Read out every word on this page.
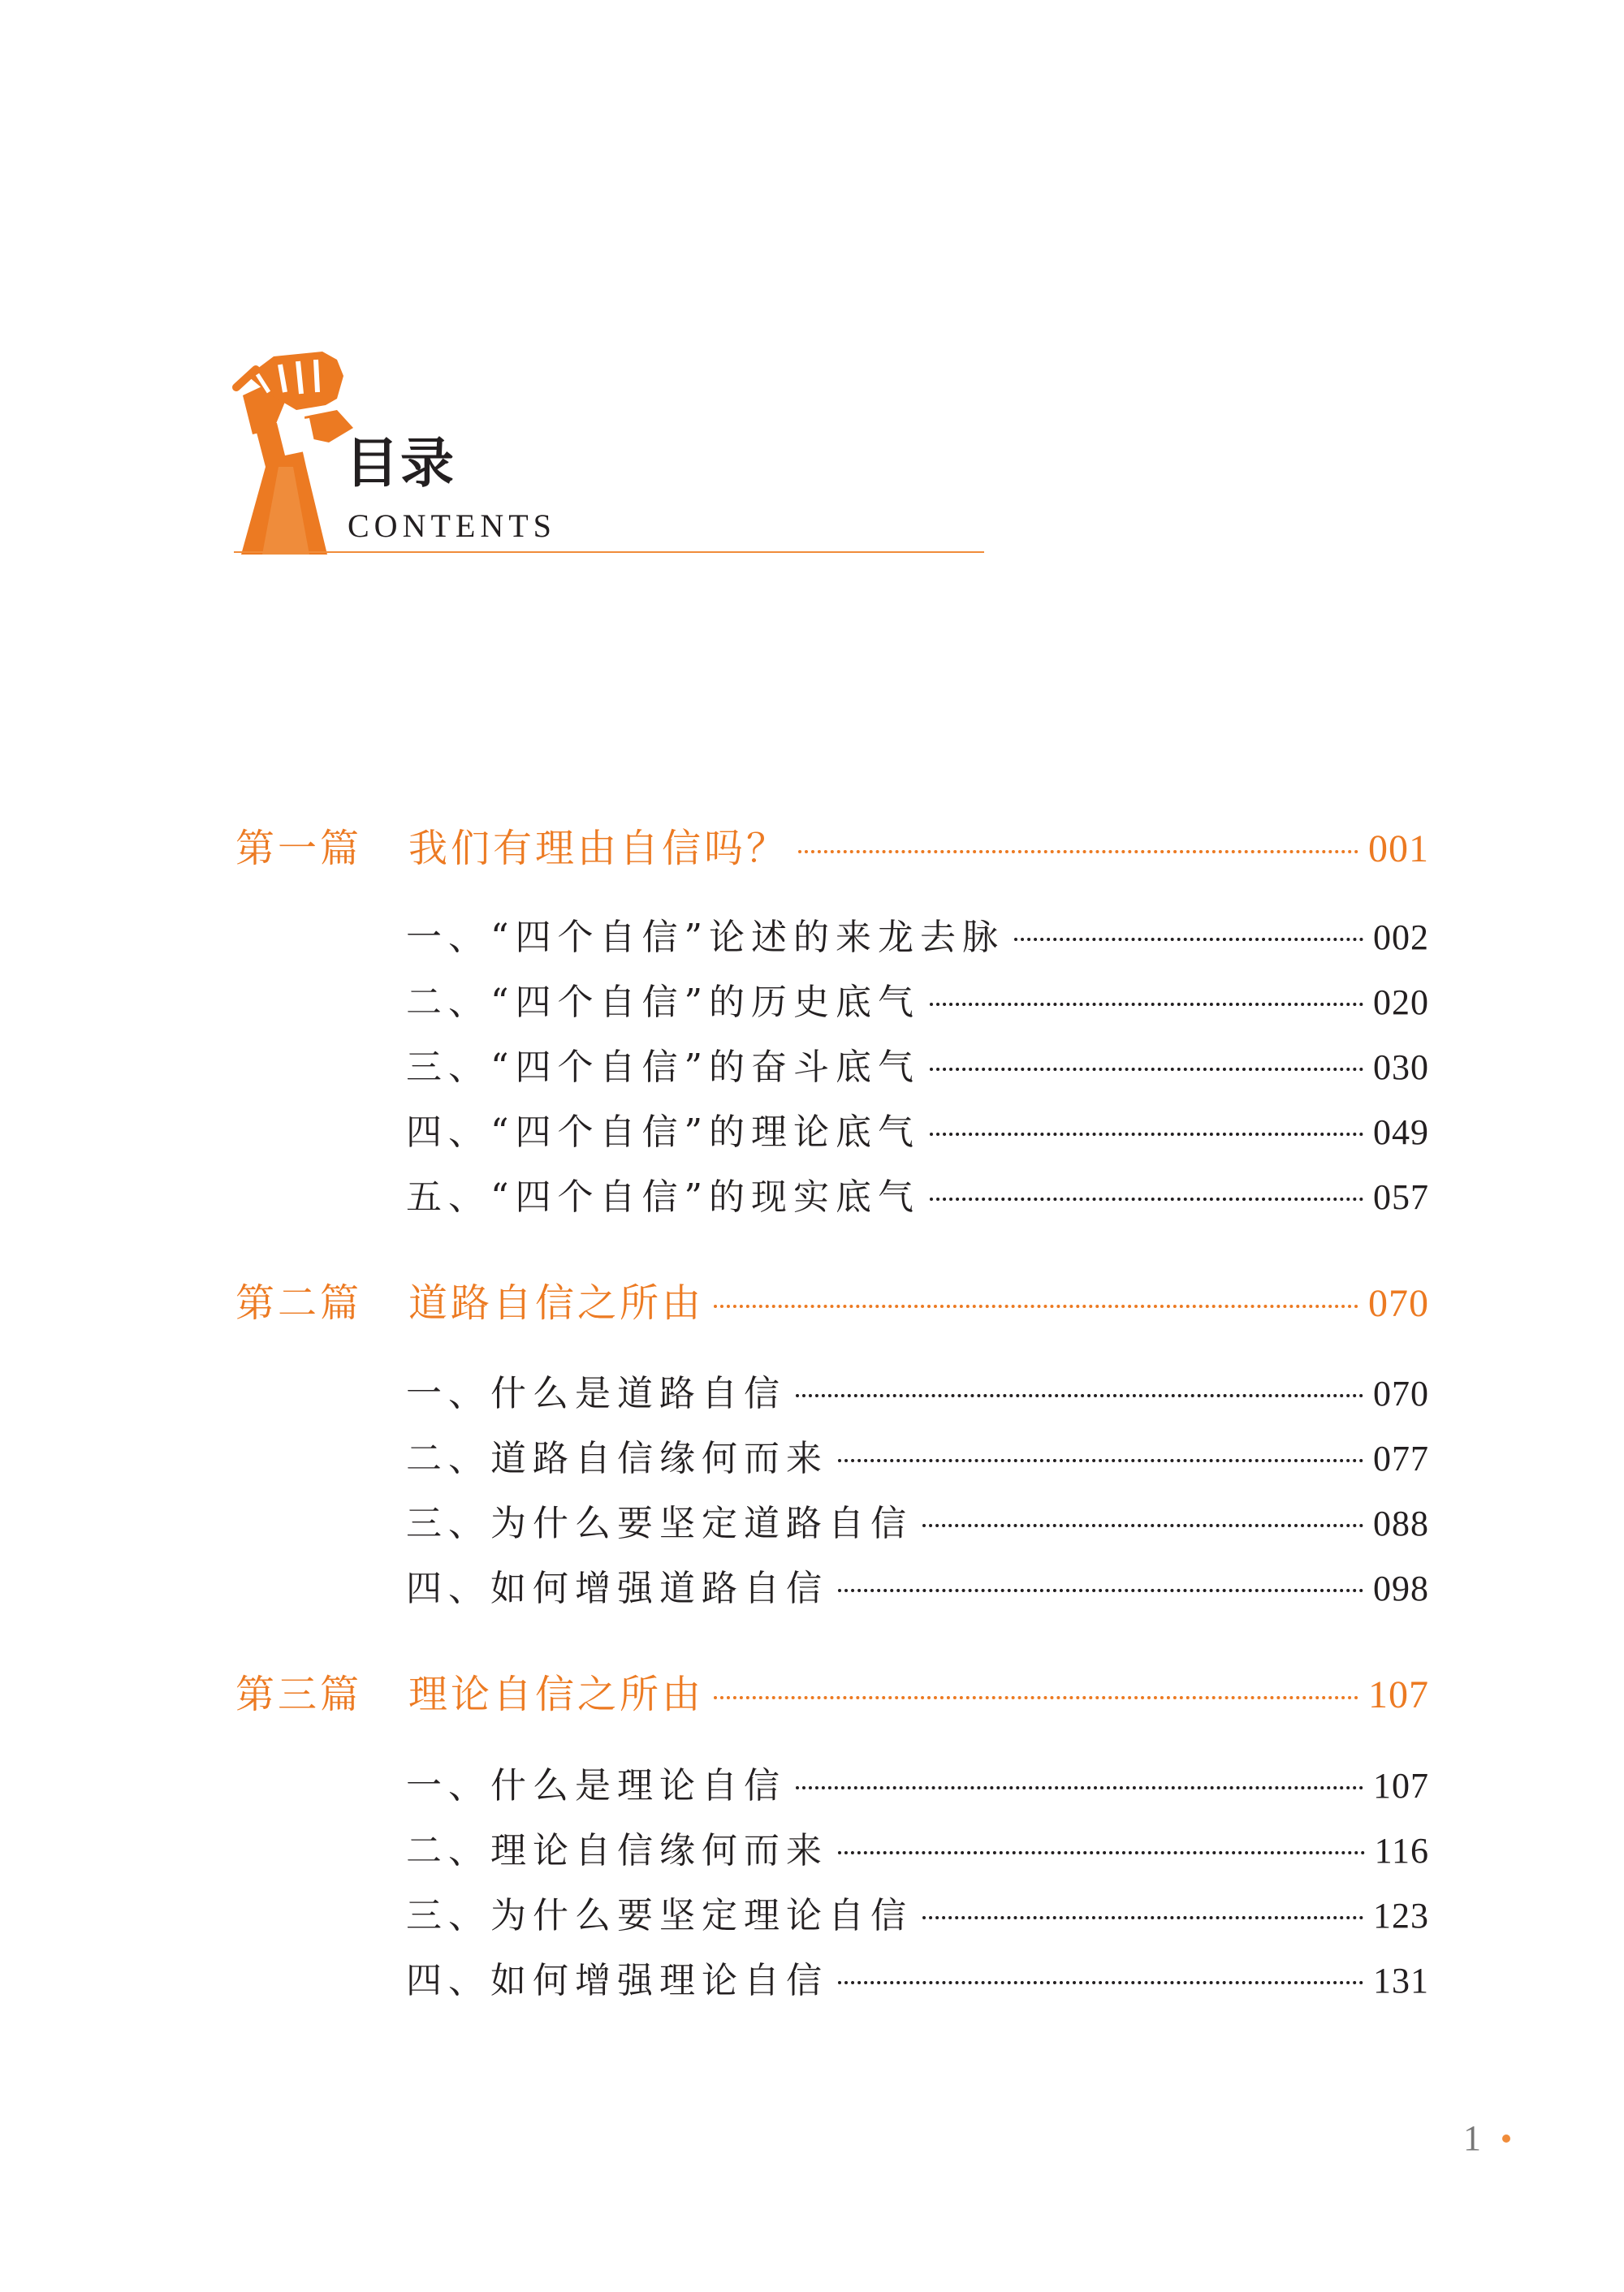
目录
CONTENTS
第一篇	我们有理由自信吗？	001
一、“四个自信”论述的来龙去脉	002
二、“四个自信”的历史底气	020
三、“四个自信”的奋斗底气	030
四、“四个自信”的理论底气	049
五、“四个自信”的现实底气	057
第二篇	道路自信之所由	070
一、什么是道路自信	070
二、道路自信缘何而来	077
三、为什么要坚定道路自信	088
四、如何增强道路自信	098
第三篇	理论自信之所由	107
一、什么是理论自信	107
二、理论自信缘何而来	116
三、为什么要坚定理论自信	123
四、如何增强理论自信	131
1
